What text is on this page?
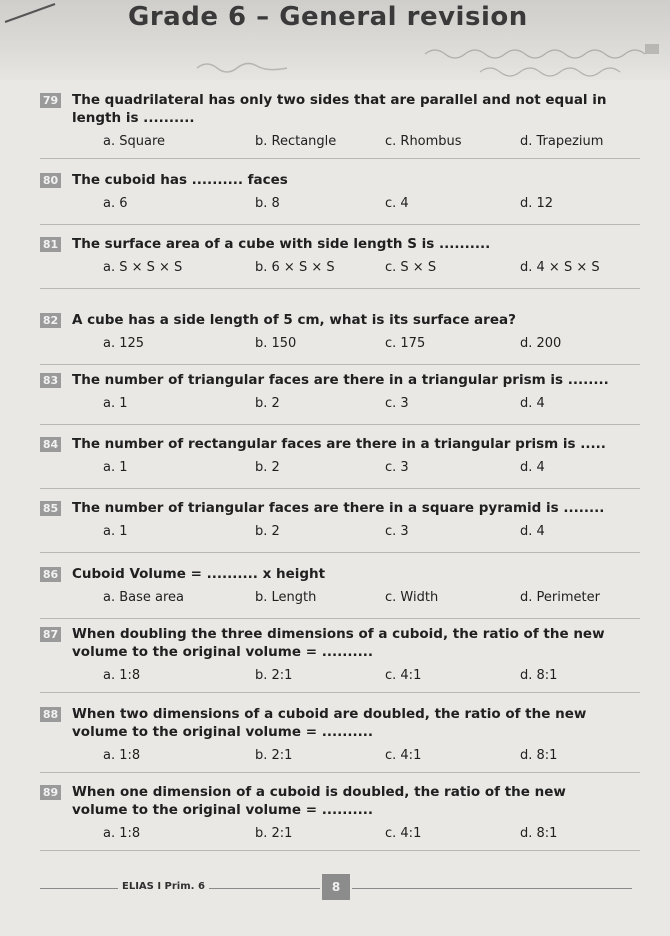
Grade 6 – General revision
79 The quadrilateral has only two sides that are parallel and not equal in
length is ..........
a. Square	b. Rectangle	c. Rhombus	d. Trapezium
80 The cuboid has .......... faces
a. 6	b. 8	c. 4	d. 12
81 The surface area of a cube with side length S is ..........
a. S × S × S	b. 6 × S × S	c. S × S	d. 4 × S × S
82 A cube has a side length of 5 cm, what is its surface area?
a. 125	b. 150	c. 175	d. 200
83 The number of triangular faces are there in a triangular prism is ........
a. 1	b. 2	c. 3	d. 4
84 The number of rectangular faces are there in a triangular prism is .....
a. 1	b. 2	c. 3	d. 4
85 The number of triangular faces are there in a square pyramid is ........
a. 1	b. 2	c. 3	d. 4
86 Cuboid Volume = .......... x height
a. Base area	b. Length	c. Width	d. Perimeter
87 When doubling the three dimensions of a cuboid, the ratio of the new
volume to the original volume = ..........
a. 1:8	b. 2:1	c. 4:1	d. 8:1
88 When two dimensions of a cuboid are doubled, the ratio of the new
volume to the original volume = ..........
a. 1:8	b. 2:1	c. 4:1	d. 8:1
89 When one dimension of a cuboid is doubled, the ratio of the new
volume to the original volume = ..........
a. 1:8	b. 2:1	c. 4:1	d. 8:1
ELIAS I Prim. 6	8
